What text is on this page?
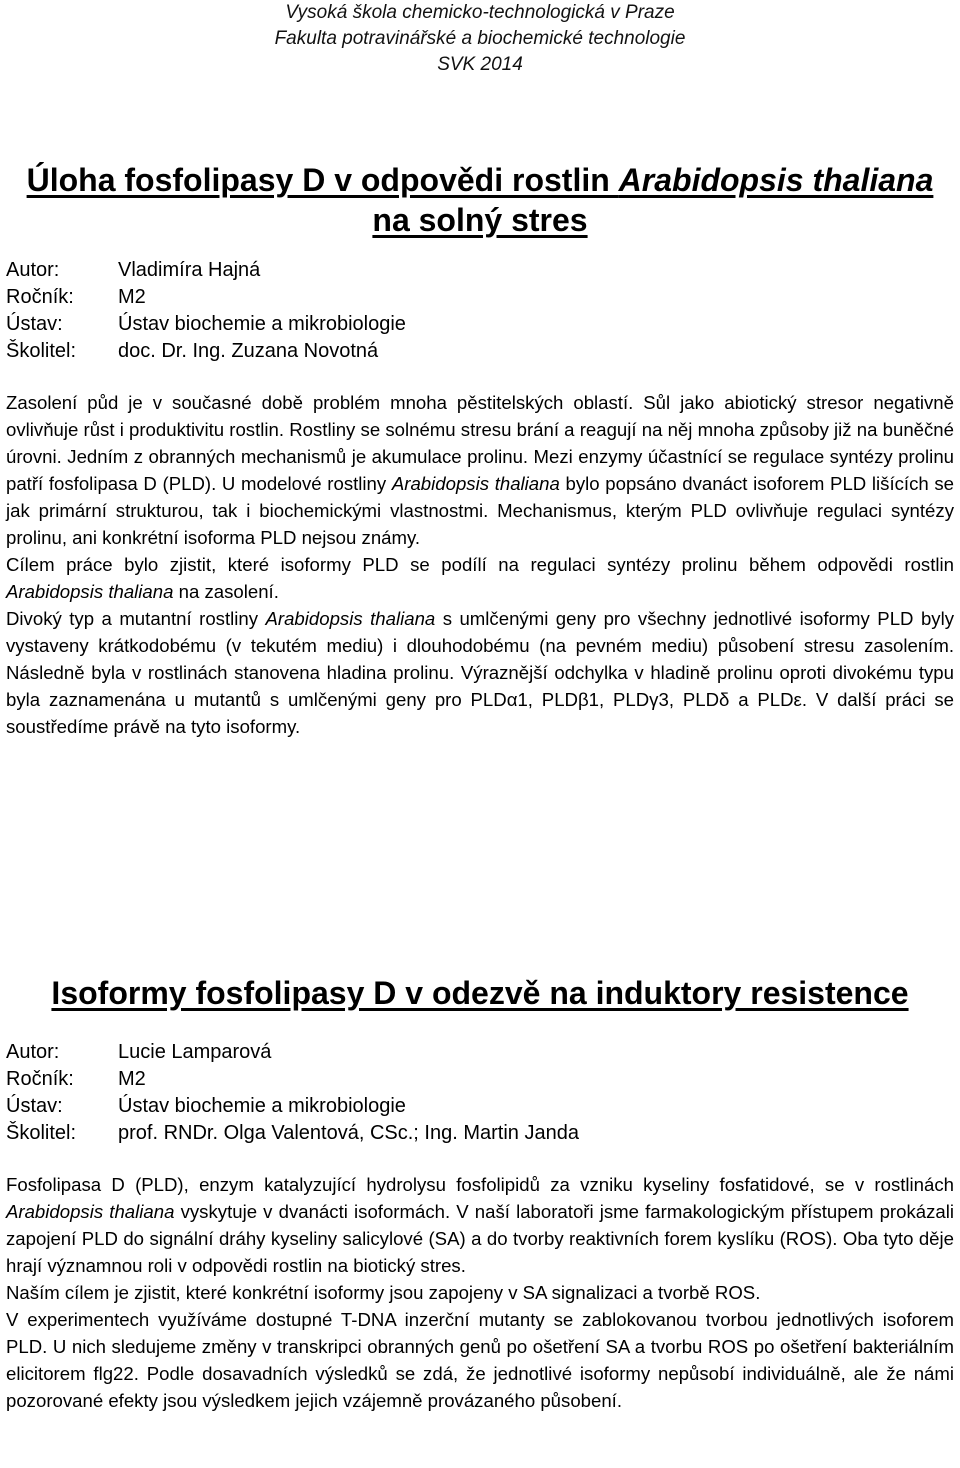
Vysoká škola chemicko-technologická v Praze
Fakulta potravinářské a biochemické technologie
SVK 2014
Úloha fosfolipasy D v odpovědi rostlin Arabidopsis thaliana
na solný stres
Autor:	Vladimíra Hajná
Ročník:	M2
Ústav:	Ústav biochemie a mikrobiologie
Školitel:	doc. Dr. Ing. Zuzana Novotná

Zasolení půd je v současné době problém mnoha pěstitelských oblastí. Sůl jako abiotický stresor negativně ovlivňuje růst i produktivitu rostlin. Rostliny se solnému stresu brání a reagují na něj mnoha způsoby již na buněčné úrovni. Jedním z obranných mechanismů je akumulace prolinu. Mezi enzymy účastnící se regulace syntézy prolinu patří fosfolipasa D (PLD). U modelové rostliny Arabidopsis thaliana bylo popsáno dvanáct isoforem PLD lišících se jak primární strukturou, tak i biochemickými vlastnostmi. Mechanismus, kterým PLD ovlivňuje regulaci syntézy prolinu, ani konkrétní isoforma PLD nejsou známy.

Cílem práce bylo zjistit, které isoformy PLD se podílí na regulaci syntézy prolinu během odpovědi rostlin Arabidopsis thaliana na zasolení.

Divoký typ a mutantní rostliny Arabidopsis thaliana s umlčenými geny pro všechny jednotlivé isoformy PLD byly vystaveny krátkodobému (v tekutém mediu) i dlouhodobému (na pevném mediu) působení stresu zasolením. Následně byla v rostlinách stanovena hladina prolinu. Výraznější odchylka v hladině prolinu oproti divokému typu byla zaznamenána u mutantů s umlčenými geny pro PLDα1, PLDβ1, PLDγ3, PLDδ a PLDε. V další práci se soustředíme právě na tyto isoformy.

Isoformy fosfolipasy D v odezvě na induktory resistence
Autor:	Lucie Lamparová
Ročník:	M2
Ústav:	Ústav biochemie a mikrobiologie
Školitel:	prof. RNDr. Olga Valentová, CSc.; Ing. Martin Janda

Fosfolipasa D (PLD), enzym katalyzující hydrolysu fosfolipidů za vzniku kyseliny fosfatidové, se v rostlinách Arabidopsis thaliana vyskytuje v dvanácti isoformách. V naší laboratoři jsme farmakologickým přístupem prokázali zapojení PLD do signální dráhy kyseliny salicylové (SA) a do tvorby reaktivních forem kyslíku (ROS). Oba tyto děje hrají významnou roli v odpovědi rostlin na biotický stres.

Naším cílem je zjistit, které konkrétní isoformy jsou zapojeny v SA signalizaci a tvorbě ROS.

V experimentech využíváme dostupné T-DNA inzerční mutanty se zablokovanou tvorbou jednotlivých isoforem PLD. U nich sledujeme změny v transkripci obranných genů po ošetření SA a tvorbu ROS po ošetření bakteriálním elicitorem flg22. Podle dosavadních výsledků se zdá, že jednotlivé isoformy nepůsobí individuálně, ale že námi pozorované efekty jsou výsledkem jejich vzájemně provázaného působení.
